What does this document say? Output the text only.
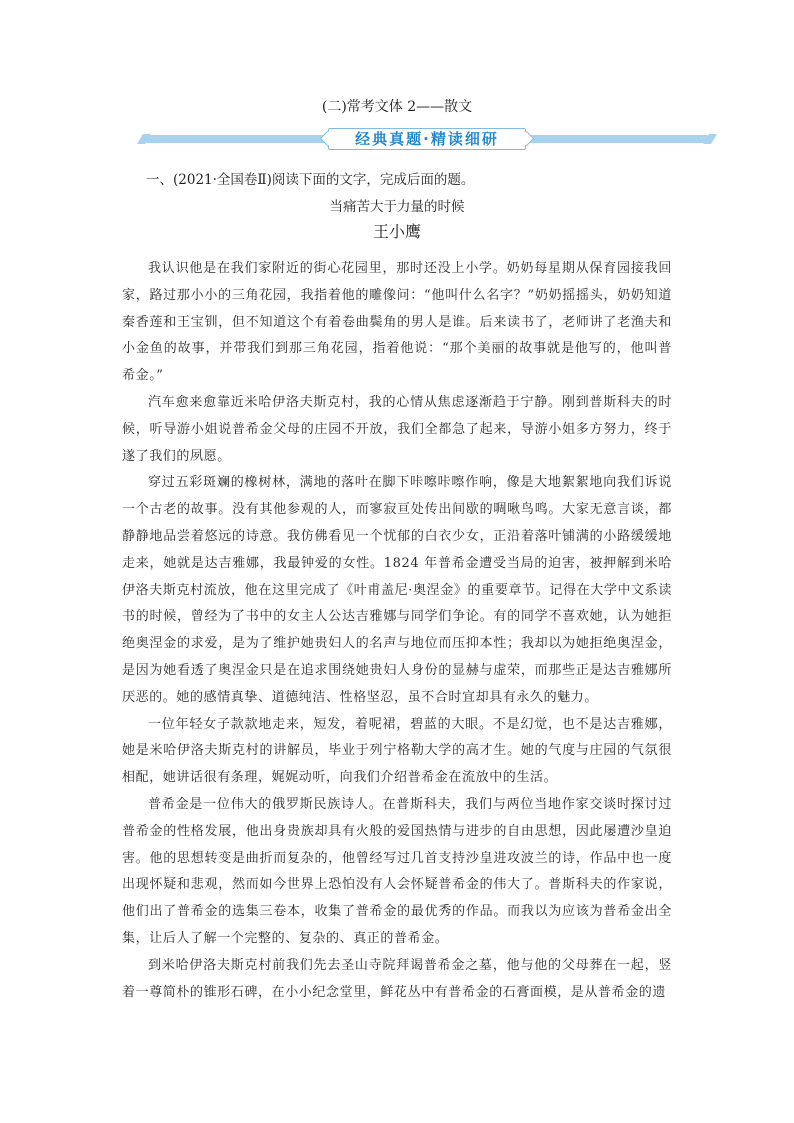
(二)常考文体 2——散文
经典真题·精读细研
一、(2021·全国卷Ⅱ)阅读下面的文字，完成后面的题。
当痛苦大于力量的时候
王小鹰

我认识他是在我们家附近的街心花园里，那时还没上小学。奶奶每星期从保育园接我回家，路过那小小的三角花园，我指着他的雕像问：“他叫什么名字？”奶奶摇摇头，奶奶知道秦香莲和王宝钏，但不知道这个有着卷曲鬓角的男人是谁。后来读书了，老师讲了老渔夫和小金鱼的故事，并带我们到那三角花园，指着他说：“那个美丽的故事就是他写的，他叫普希金。”

汽车愈来愈靠近米哈伊洛夫斯克村，我的心情从焦虑逐渐趋于宁静。刚到普斯科夫的时候，听导游小姐说普希金父母的庄园不开放，我们全都急了起来，导游小姐多方努力，终于遂了我们的夙愿。

穿过五彩斑斓的橡树林，满地的落叶在脚下咔嚓咔嚓作响，像是大地絮絮地向我们诉说一个古老的故事。没有其他参观的人，而寥寂亘处传出间歇的啁啾鸟鸣。大家无意言谈，都静静地品尝着悠远的诗意。我仿佛看见一个忧郁的白衣少女，正沿着落叶铺满的小路缓缓地走来，她就是达吉雅娜，我最钟爱的女性。1824 年普希金遭受当局的迫害，被押解到米哈伊洛夫斯克村流放，他在这里完成了《叶甫盖尼·奥涅金》的重要章节。记得在大学中文系读书的时候，曾经为了书中的女主人公达吉雅娜与同学们争论。有的同学不喜欢她，认为她拒绝奥涅金的求爱，是为了维护她贵妇人的名声与地位而压抑本性；我却以为她拒绝奥涅金，是因为她看透了奥涅金只是在追求围绕她贵妇人身份的显赫与虚荣，而那些正是达吉雅娜所厌恶的。她的感情真挚、道德纯洁、性格坚忍，虽不合时宜却具有永久的魅力。

一位年轻女子款款地走来，短发，着呢裙，碧蓝的大眼。不是幻觉，也不是达吉雅娜，她是米哈伊洛夫斯克村的讲解员，毕业于列宁格勒大学的高才生。她的气度与庄园的气氛很相配，她讲话很有条理，娓娓动听，向我们介绍普希金在流放中的生活。

普希金是一位伟大的俄罗斯民族诗人。在普斯科夫，我们与两位当地作家交谈时探讨过普希金的性格发展，他出身贵族却具有火般的爱国热情与进步的自由思想，因此屡遭沙皇迫害。他的思想转变是曲折而复杂的，他曾经写过几首支持沙皇进攻波兰的诗，作品中也一度出现怀疑和悲观，然而如今世界上恐怕没有人会怀疑普希金的伟大了。普斯科夫的作家说，他们出了普希金的选集三卷本，收集了普希金的最优秀的作品。而我以为应该为普希金出全集，让后人了解一个完整的、复杂的、真正的普希金。

到米哈伊洛夫斯克村前我们先去圣山寺院拜谒普希金之墓，他与他的父母葬在一起，竖着一尊简朴的锥形石碑，在小小纪念堂里，鲜花丛中有普希金的石膏面模，是从普希金的遗
